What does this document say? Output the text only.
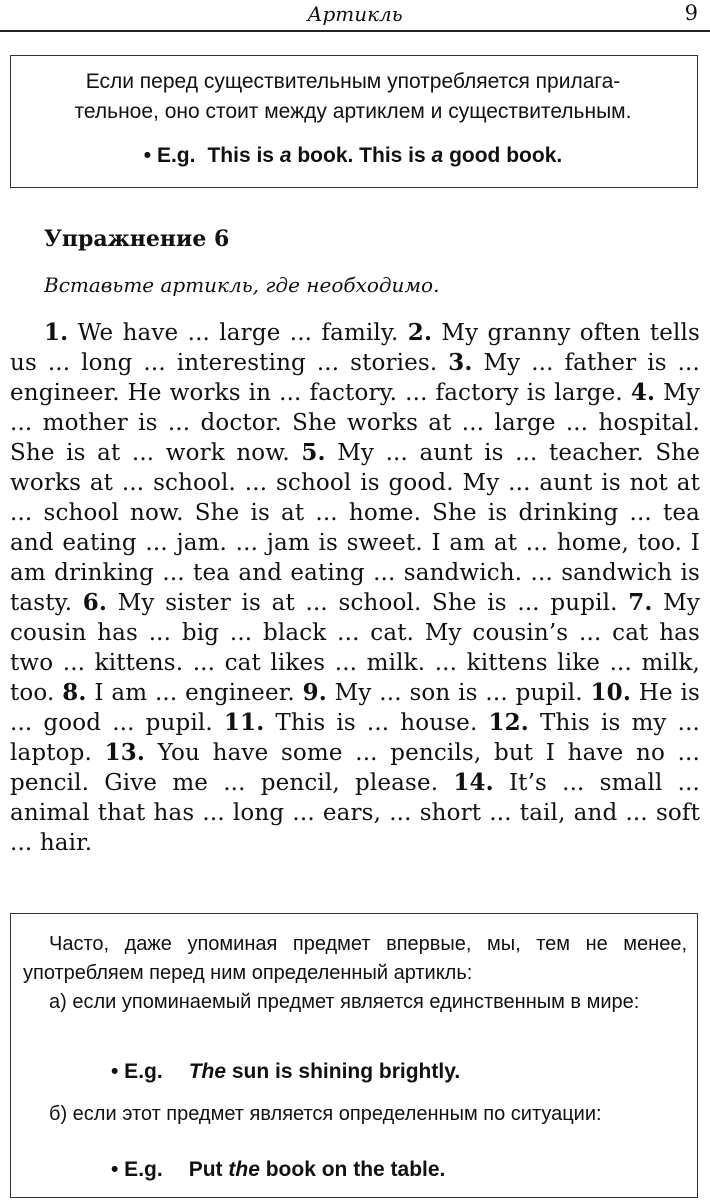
Артикль	9

Если перед существительным употребляется прилага-

тельное, оно стоит между артиклем и существительным.

• E.g. This is a book. This is a good book.

Упражнение 6
Вставьте артикль, где необходимо.

1. We have ... large ... family. 2. My granny often tells us ... long ... interesting ... stories. 3. My ... father is ... engineer. He works in ... factory. ... factory is large. 4. My ... mother is ... doctor. She works at ... large ... hospital. She is at ... work now. 5. My ... aunt is ... teacher. She works at ... school. ... school is good. My ... aunt is not at ... school now. She is at ... home. She is drinking ... tea and eating ... jam. ... jam is sweet. I am at ... home, too. I am drinking ... tea and eating ... sandwich. ... sandwich is tasty. 6. My sister is at ... school. She is ... pupil. 7. My cousin has ... big ... black ... cat. My cousin’s ... cat has two ... kittens. ... cat likes ... milk. ... kittens like ... milk, too. 8. I am ... engineer. 9. My ... son is ... pupil. 10. He is ... good ... pupil. 11. This is ... house. 12. This is my ... laptop. 13. You have some ... pencils, but I have no ... pencil. Give me ... pencil, please. 14. It’s ... small ... animal that has ... long ... ears, ... short ... tail, and ... soft ... hair.

Часто, даже упоминая предмет впервые, мы, тем не менее, употребляем перед ним определенный артикль:

а) если упоминаемый предмет является единственным в мире:

• E.g. The sun is shining brightly.

б) если этот предмет является определенным по ситуации:

• E.g. Put the book on the table.
